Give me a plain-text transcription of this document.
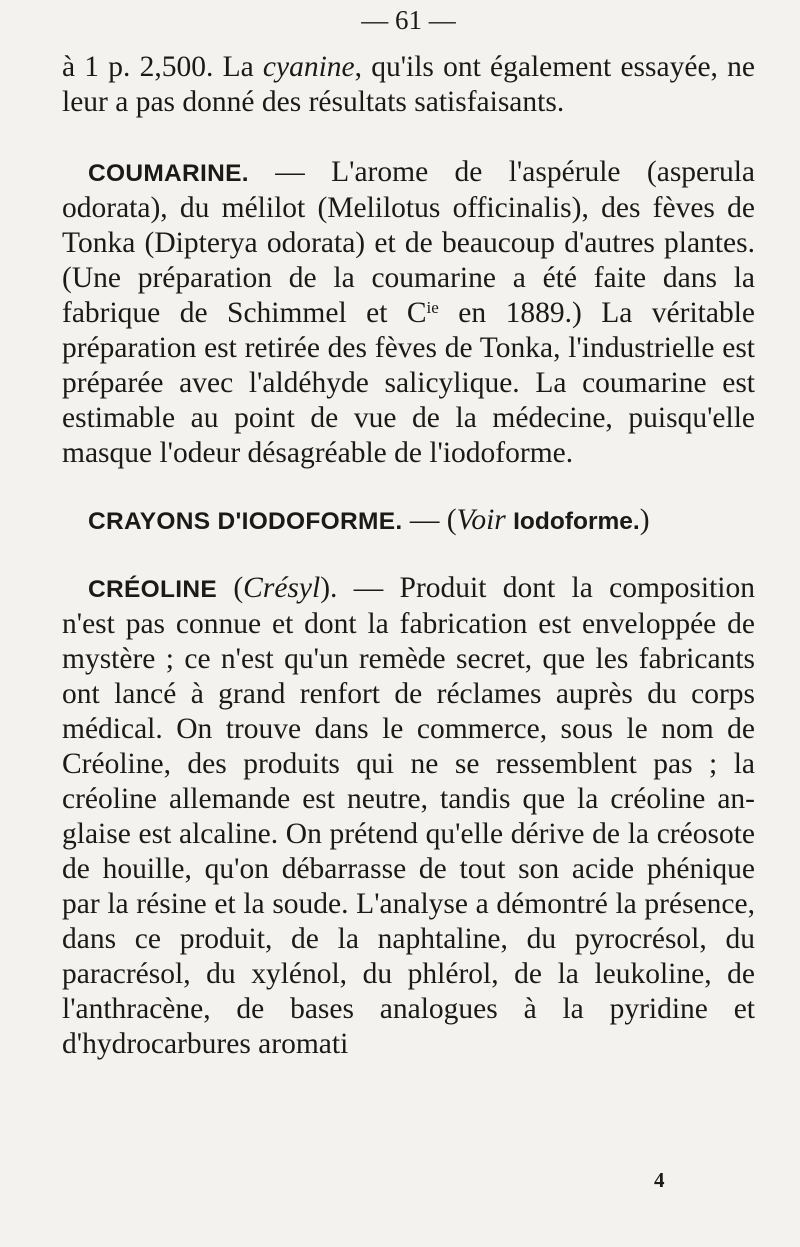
— 61 —

à 1 p. 2,500. La cyanine, qu'ils ont également essayée, ne leur a pas donné des résultats satisfaisants.

COUMARINE. — L'arome de l'aspérule (asperula odorata), du mélilot (Melilotus officinalis), des fèves de Tonka (Dipterya odorata) et de beaucoup d'autres plantes. (Une préparation de la coumarine a été faite dans la fabrique de Schimmel et $C^{ie}$ en 1889.) La véritable préparation est retirée des fèves de Tonka, l'industrielle est préparée avec l'aldéhyde salicylique. La coumarine est estimable au point de vue de la médecine, puisqu'elle masque l'odeur désagréable de l'iodoforme.

CRAYONS D'IODOFORME. — (Voir Iodoforme.)

CRÉOLINE (Crésyl). — Produit dont la composition n'est pas connue et dont la fabrication est enveloppée de mystère ; ce n'est qu'un remède secret, que les fabricants ont lancé à grand renfort de réclames auprès du corps médical. On trouve dans le commerce, sous le nom de Créoline, des produits qui ne se ressemblent pas ; la créoline allemande est neutre, tandis que la créoline anglaise est alcaline. On prétend qu'elle dérive de la créosote de houille, qu'on débarrasse de tout son acide phénique par la résine et la soude. L'analyse a démontré la présence, dans ce produit, de la naphtaline, du pyrocrésol, du paracrésol, du xylénol, du phlérol, de la leukoline, de l'anthracène, de bases analogues à la pyridine et d'hydrocarbures aromati

4
